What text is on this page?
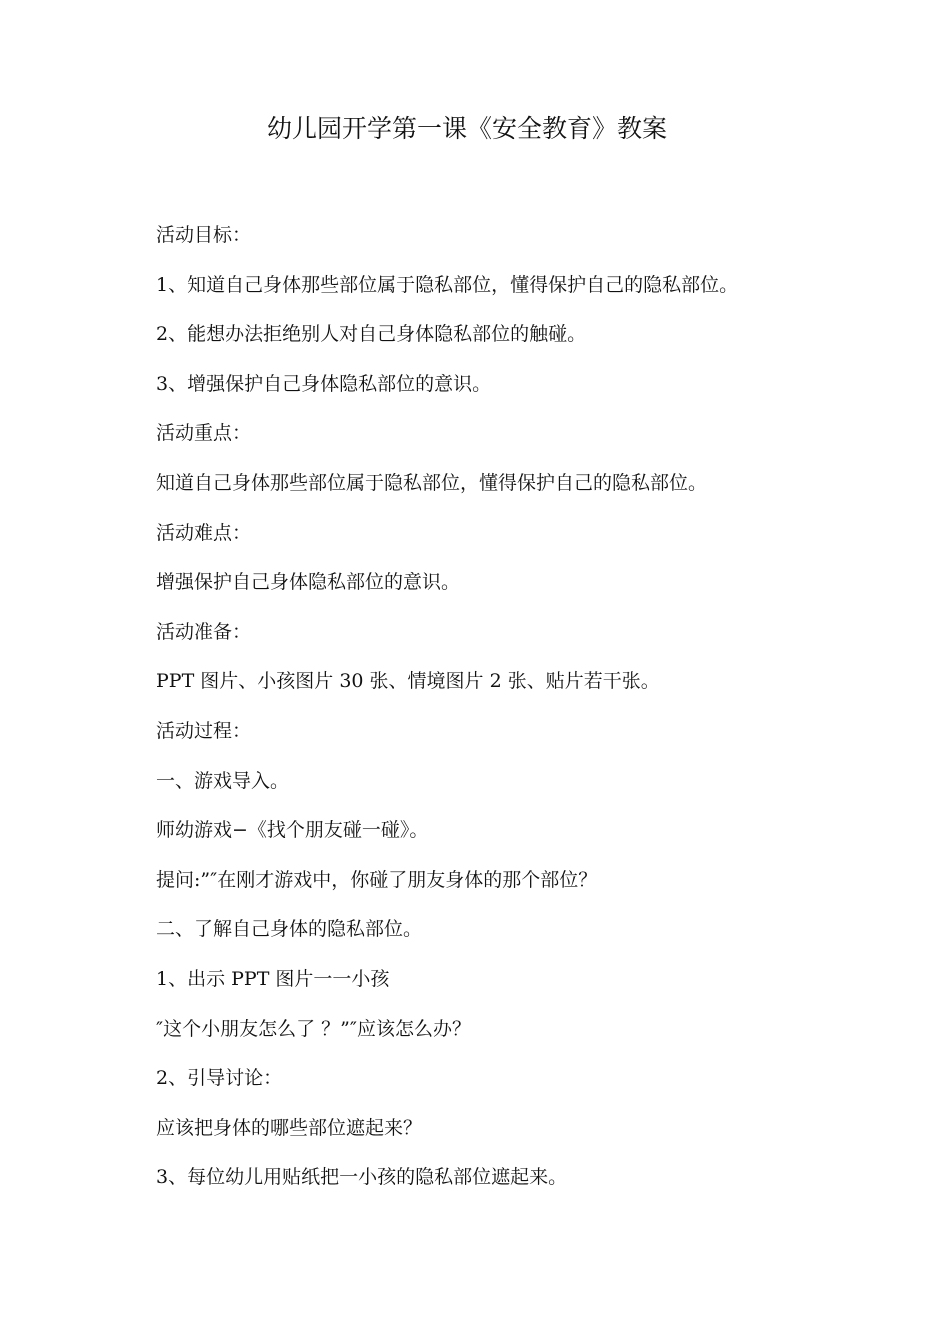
幼儿园开学第一课《安全教育》教案
活动目标：
1、知道自己身体那些部位属于隐私部位，懂得保护自己的隐私部位。
2、能想办法拒绝别人对自己身体隐私部位的触碰。
3、增强保护自己身体隐私部位的意识。
活动重点：
知道自己身体那些部位属于隐私部位，懂得保护自己的隐私部位。
活动难点：
增强保护自己身体隐私部位的意识。
活动准备：
PPT 图片、小孩图片 30 张、情境图片 2 张、贴片若干张。
活动过程：
一、游戏导入。
师幼游戏−《找个朋友碰一碰》。
提问:”″在刚才游戏中，你碰了朋友身体的那个部位？
二、了解自己身体的隐私部位。
1、出示 PPT 图片一一小孩
″这个小朋友怎么了 ？”″应该怎么办？
2、引导讨论：
应该把身体的哪些部位遮起来？
3、每位幼儿用贴纸把一小孩的隐私部位遮起来。
